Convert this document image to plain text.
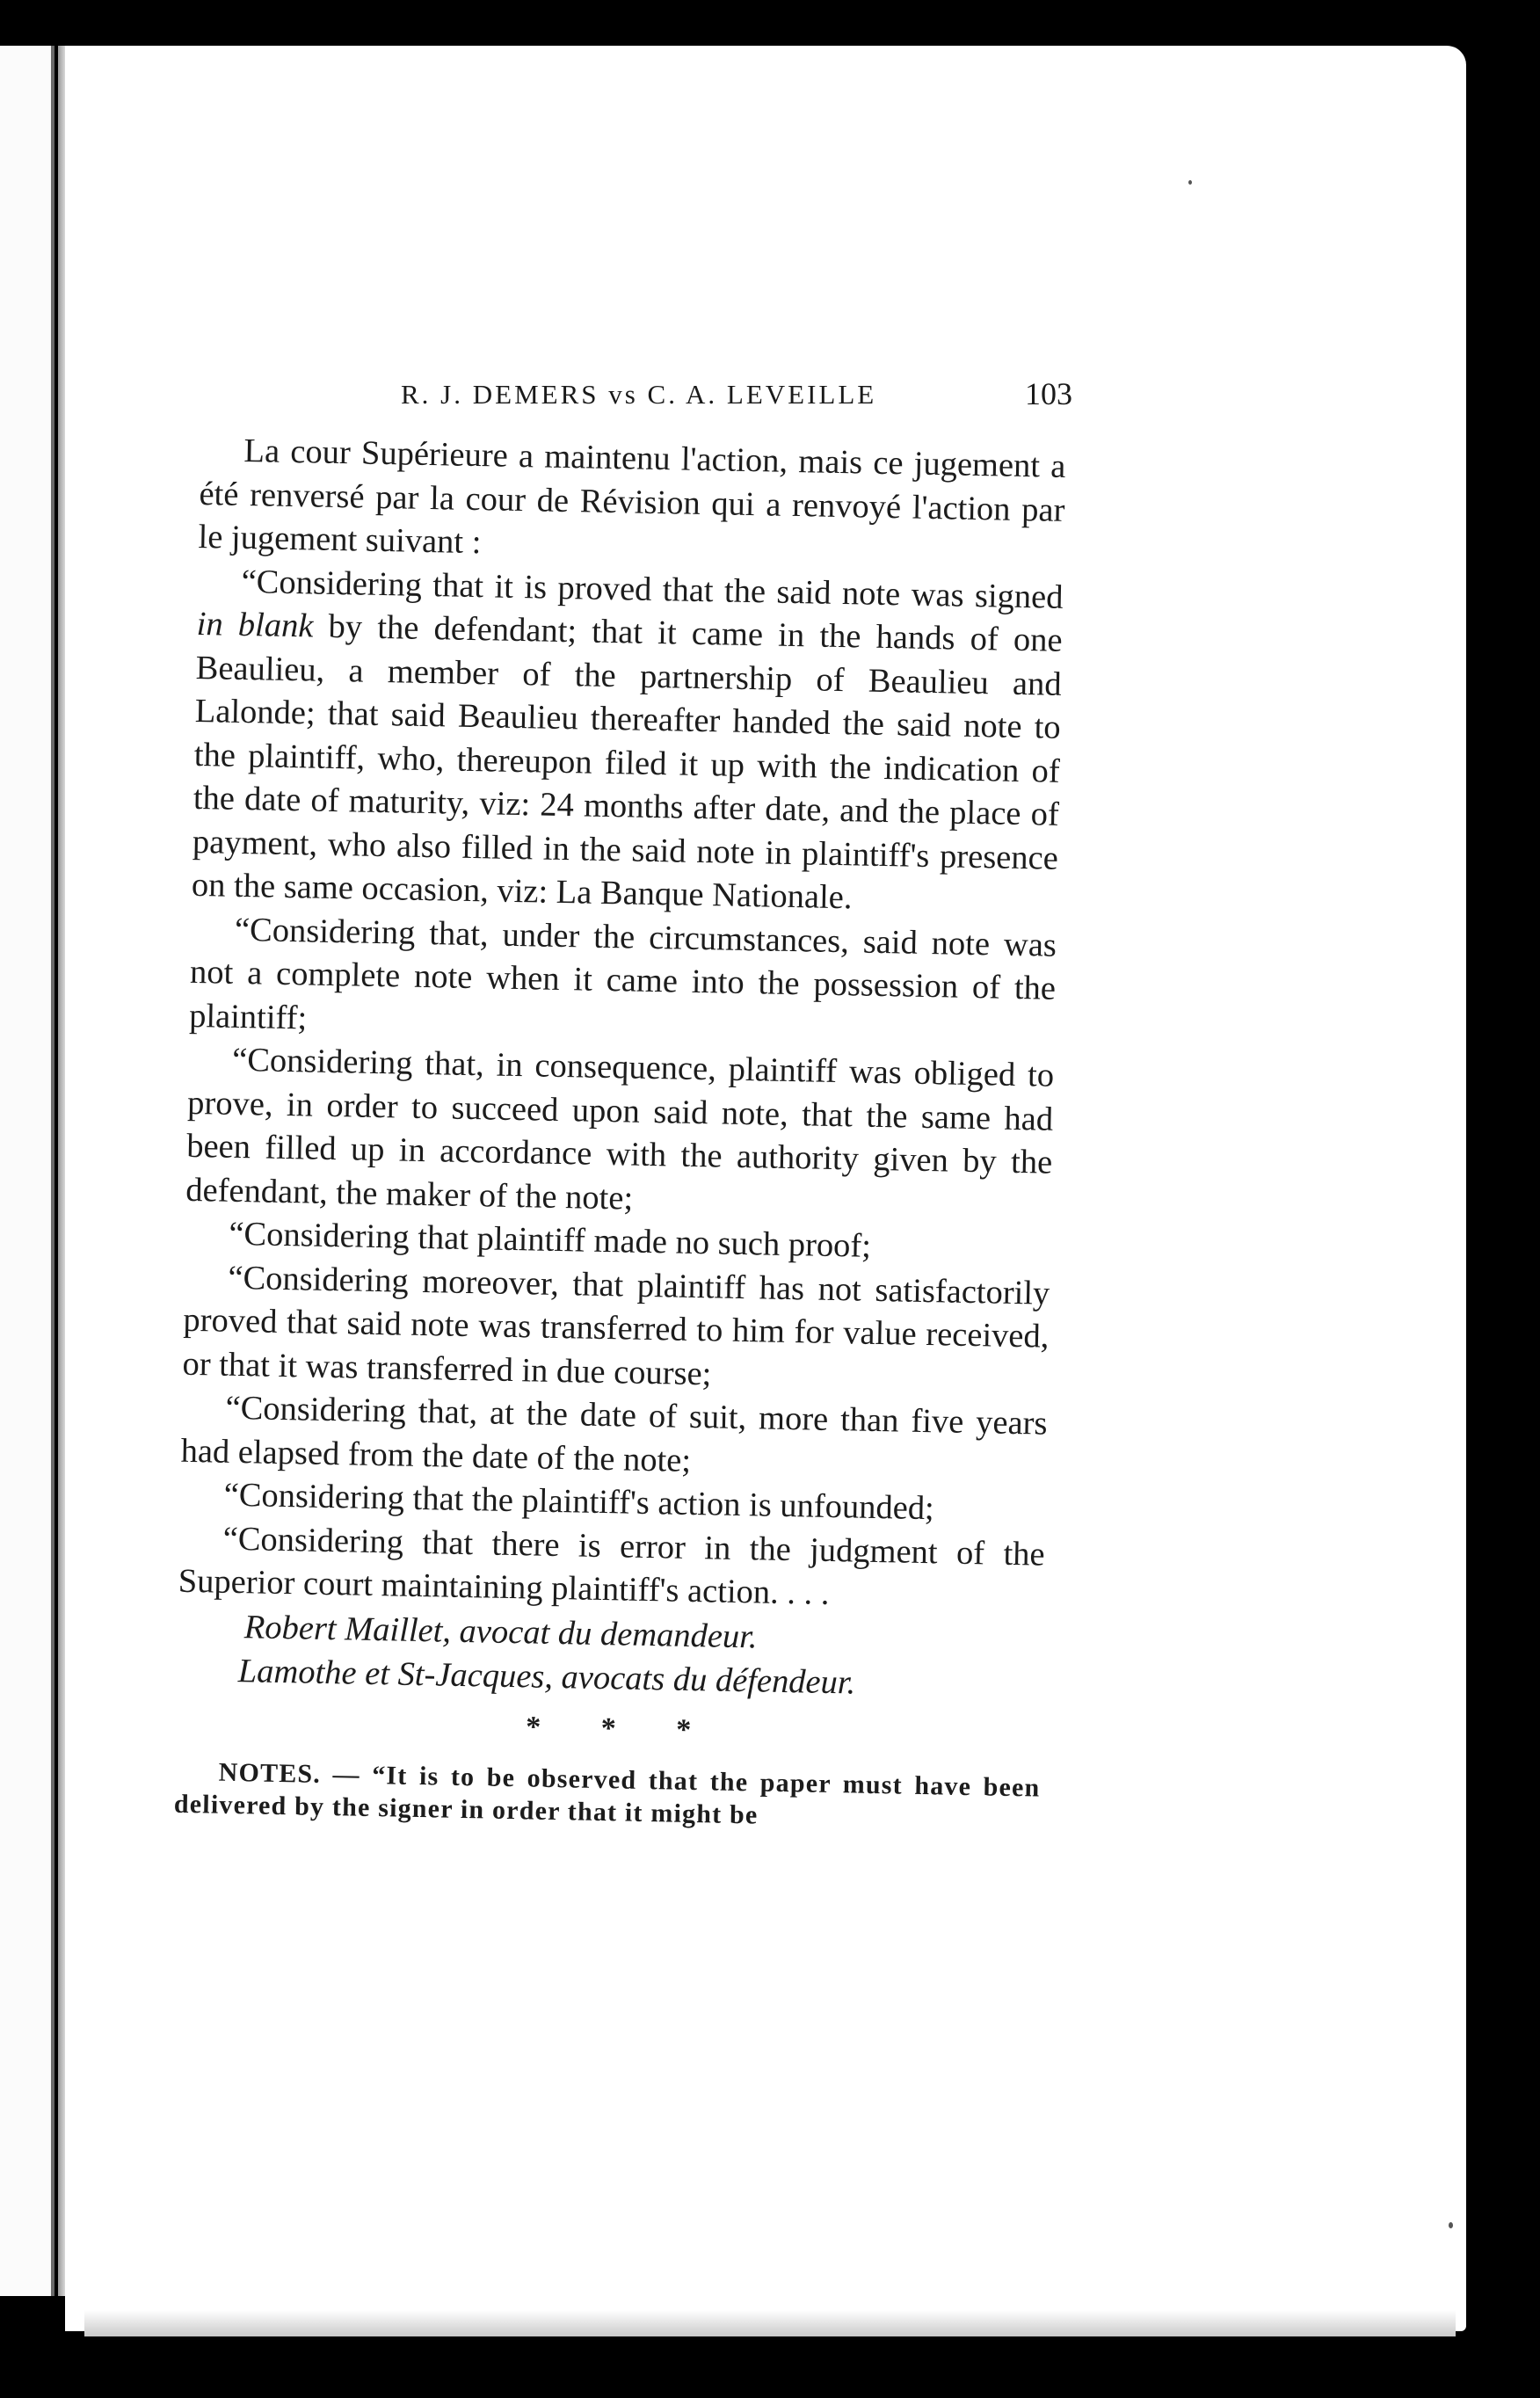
R. J. DEMERS vs C. A. LEVEILLE	103

La cour Supérieure a maintenu l'action, mais ce jugement a été renversé par la cour de Révision qui a renvoyé l'action par le jugement suivant :

“Considering that it is proved that the said note was signed in blank by the defendant; that it came in the hands of one Beaulieu, a member of the partnership of Beaulieu and Lalonde; that said Beaulieu thereafter handed the said note to the plaintiff, who, thereupon filed it up with the indication of the date of maturity, viz: 24 months after date, and the place of payment, who also filled in the said note in plaintiff's presence on the same occasion, viz: La Banque Nationale.

“Considering that, under the circumstances, said note was not a complete note when it came into the possession of the plaintiff;

“Considering that, in consequence, plaintiff was obliged to prove, in order to succeed upon said note, that the same had been filled up in accordance with the authority given by the defendant, the maker of the note;

“Considering that plaintiff made no such proof;

“Considering moreover, that plaintiff has not satisfactorily proved that said note was transferred to him for value received, or that it was transferred in due course;

“Considering that, at the date of suit, more than five years had elapsed from the date of the note;

“Considering that the plaintiff's action is unfounded;

“Considering that there is error in the judgment of the Superior court maintaining plaintiff's action. . . .

Robert Maillet, avocat du demandeur.

Lamothe et St-Jacques, avocats du défendeur.

* * *

NOTES. — “It is to be observed that the paper must have been delivered by the signer in order that it might be
